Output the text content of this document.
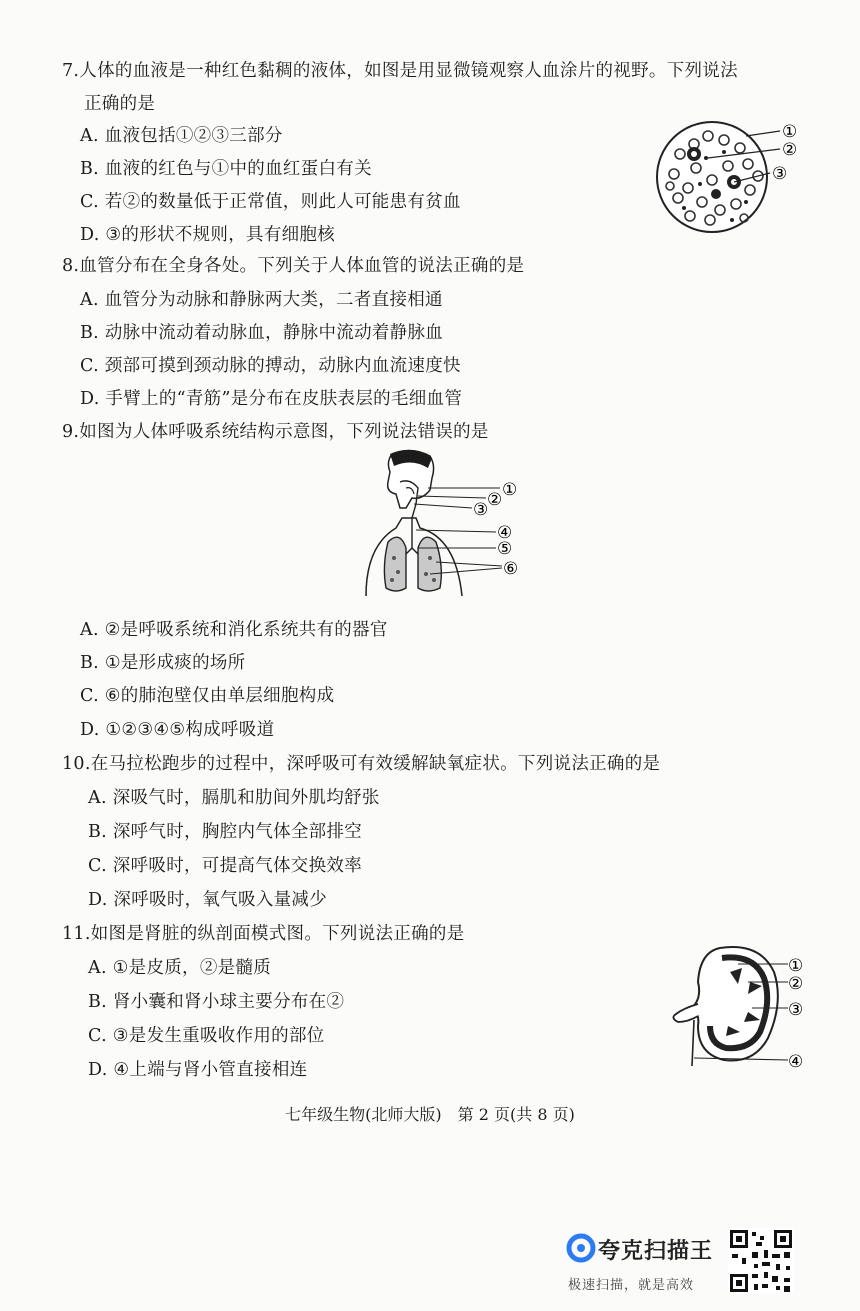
7.人体的血液是一种红色黏稠的液体，如图是用显微镜观察人血涂片的视野。下列说法
正确的是
A. 血液包括①②③三部分
B. 血液的红色与①中的血红蛋白有关
C. 若②的数量低于正常值，则此人可能患有贫血
D. ③的形状不规则，具有细胞核
①
②
③
8.血管分布在全身各处。下列关于人体血管的说法正确的是
A. 血管分为动脉和静脉两大类，二者直接相通
B. 动脉中流动着动脉血，静脉中流动着静脉血
C. 颈部可摸到颈动脉的搏动，动脉内血流速度快
D. 手臂上的“青筋”是分布在皮肤表层的毛细血管
9.如图为人体呼吸系统结构示意图，下列说法错误的是
①
②
③
④
⑤
⑥
A. ②是呼吸系统和消化系统共有的器官
B. ①是形成痰的场所
C. ⑥的肺泡壁仅由单层细胞构成
D. ①②③④⑤构成呼吸道
10.在马拉松跑步的过程中，深呼吸可有效缓解缺氧症状。下列说法正确的是
A. 深吸气时，膈肌和肋间外肌均舒张
B. 深呼气时，胸腔内气体全部排空
C. 深呼吸时，可提高气体交换效率
D. 深呼吸时，氧气吸入量减少
11.如图是肾脏的纵剖面模式图。下列说法正确的是
A. ①是皮质，②是髓质
B. 肾小囊和肾小球主要分布在②
C. ③是发生重吸收作用的部位
D. ④上端与肾小管直接相连
①
②
③
④
七年级生物(北师大版)　第 2 页(共 8 页)
夸克扫描王
极速扫描，就是高效
